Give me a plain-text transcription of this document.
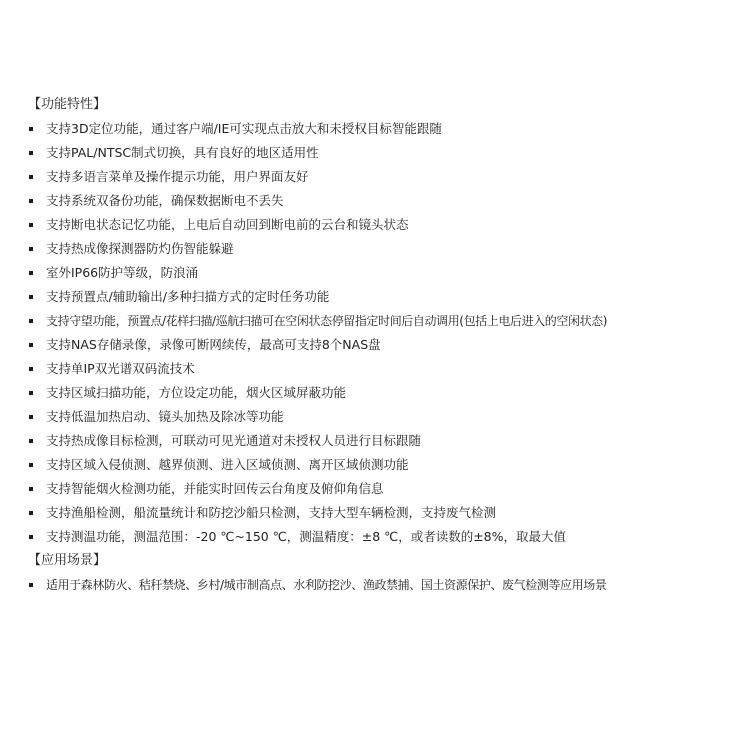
【功能特性】
支持3D定位功能，通过客户端/IE可实现点击放大和未授权目标智能跟随
支持PAL/NTSC制式切换，具有良好的地区适用性
支持多语言菜单及操作提示功能，用户界面友好
支持系统双备份功能，确保数据断电不丢失
支持断电状态记忆功能，上电后自动回到断电前的云台和镜头状态
支持热成像探测器防灼伤智能躲避
室外IP66防护等级，防浪涌
支持预置点/辅助输出/多种扫描方式的定时任务功能
支持守望功能，预置点/花样扫描/巡航扫描可在空闲状态停留指定时间后自动调用(包括上电后进入的空闲状态)
支持NAS存储录像，录像可断网续传，最高可支持8个NAS盘
支持单IP双光谱双码流技术
支持区域扫描功能，方位设定功能，烟火区域屏蔽功能
支持低温加热启动、镜头加热及除冰等功能
支持热成像目标检测，可联动可见光通道对未授权人员进行目标跟随
支持区域入侵侦测、越界侦测、进入区域侦测、离开区域侦测功能
支持智能烟火检测功能，并能实时回传云台角度及俯仰角信息
支持渔船检测，船流量统计和防挖沙船只检测，支持大型车辆检测，支持废气检测
支持测温功能，测温范围：-20 ℃~150 ℃，测温精度：±8 ℃，或者读数的±8%，取最大值
【应用场景】
适用于森林防火、秸秆禁烧、乡村/城市制高点、水利防挖沙、渔政禁捕、国土资源保护、废气检测等应用场景
